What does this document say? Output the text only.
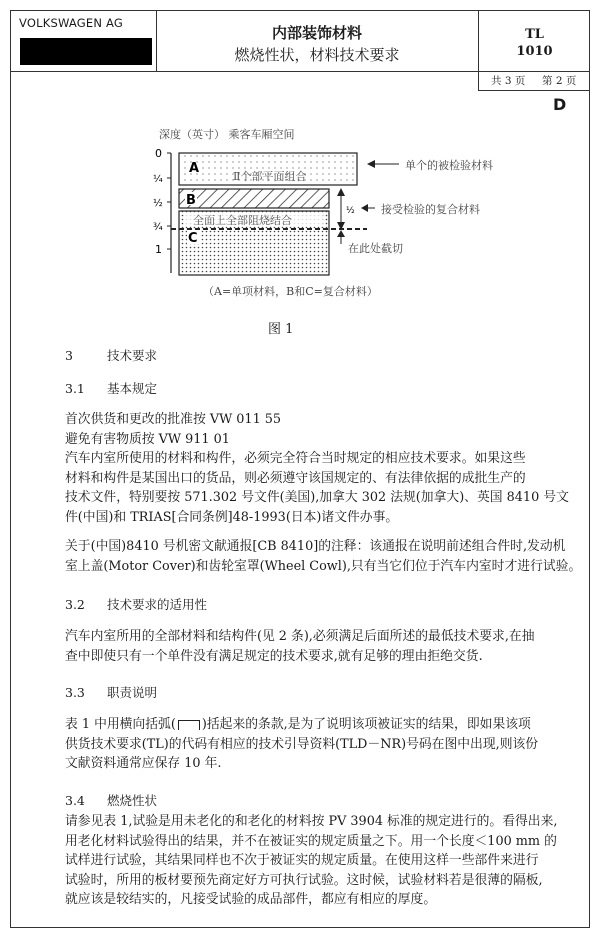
VOLKSWAGEN AG
内部装饰材料
燃烧性状，材料技术要求
TL
1010
共 3 页 第 2 页
D
深度（英寸） 乘客车厢空间
0
¼
½
¾
1
A
Ⅱ个部平面组合
B
全面上全部阻烧结合
C
单个的被检验材料
½ 接受检验的复合材料
在此处截切
（A=单项材料，B和C=复合材料）
图 1
3	技术要求
3.1 基本规定
首次供货和更改的批准按 VW 011 55
避免有害物质按 VW 911 01
汽车内室所使用的材料和构件，必须完全符合当时规定的相应技术要求。如果这些
材料和构件是某国出口的货品，则必须遵守该国规定的、有法律依据的成批生产的
技术文件，特别要按 571.302 号文件(美国),加拿大 302 法规(加拿大)、英国 8410 号文
件(中国)和 TRIAS[合同条例]48-1993(日本)诸文件办事。
关于(中国)8410 号机密文献通报[CB 8410]的注释：该通报在说明前述组合件时,发动机
室上盖(Motor Cover)和齿轮室罩(Wheel Cowl),只有当它们位于汽车内室时才进行试验。
3.2 技术要求的适用性
汽车内室所用的全部材料和结构件(见 2 条),必须满足后面所述的最低技术要求,在抽
查中即使只有一个单件没有满足规定的技术要求,就有足够的理由拒绝交货.
3.3 职责说明
表 1 中用横向括弧( )括起来的条款,是为了说明该项被证实的结果，即如果该项
供货技术要求(TL)的代码有相应的技术引导资料(TLD－NR)号码在图中出现,则该份
文献资料通常应保存 10 年.
3.4 燃烧性状
请参见表 1,试验是用未老化的和老化的材料按 PV 3904 标准的规定进行的。看得出来,
用老化材料试验得出的结果，并不在被证实的规定质量之下。用一个长度＜100 mm 的
试样进行试验，其结果同样也不次于被证实的规定质量。在使用这样一些部件来进行
试验时，所用的板材要预先商定好方可执行试验。这时候，试验材料若是很薄的隔板,
就应该是较结实的，凡接受试验的成品部件，都应有相应的厚度。
